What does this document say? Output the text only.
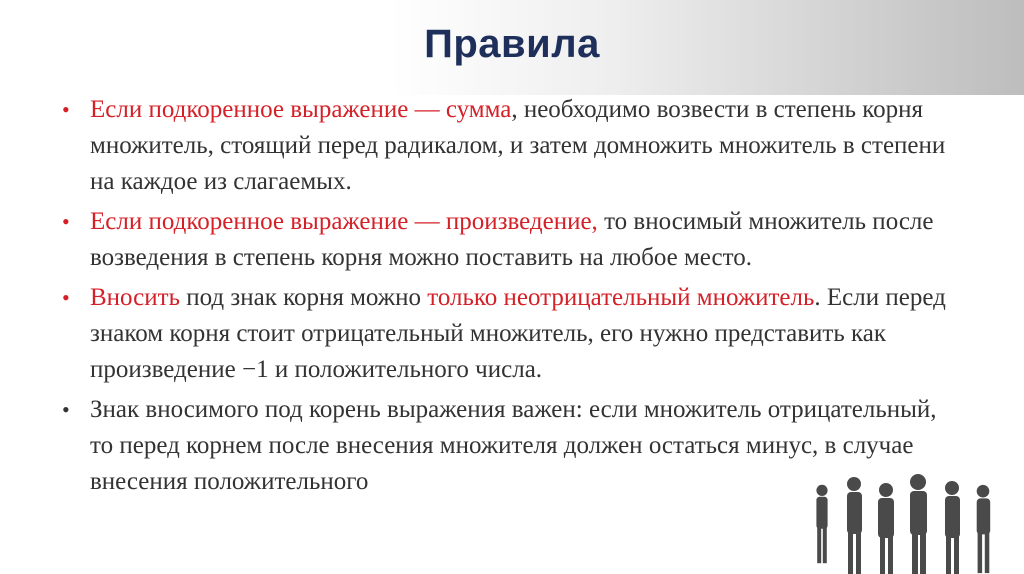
Правила
• Если подкоренное выражение — сумма, необходимо возвести в степень корня множитель, стоящий перед радикалом, и затем домножить множитель в степени на каждое из слагаемых.
• Если подкоренное выражение — произведение, то вносимый множитель после возведения в степень корня можно поставить на любое место.
• Вносить под знак корня можно только неотрицательный множитель. Если перед знаком корня стоит отрицательный множитель, его нужно представить как произведение −1 и положительного числа.
• Знак вносимого под корень выражения важен: если множитель отрицательный, то перед корнем после внесения множителя должен остаться минус, в случае внесения положительного
